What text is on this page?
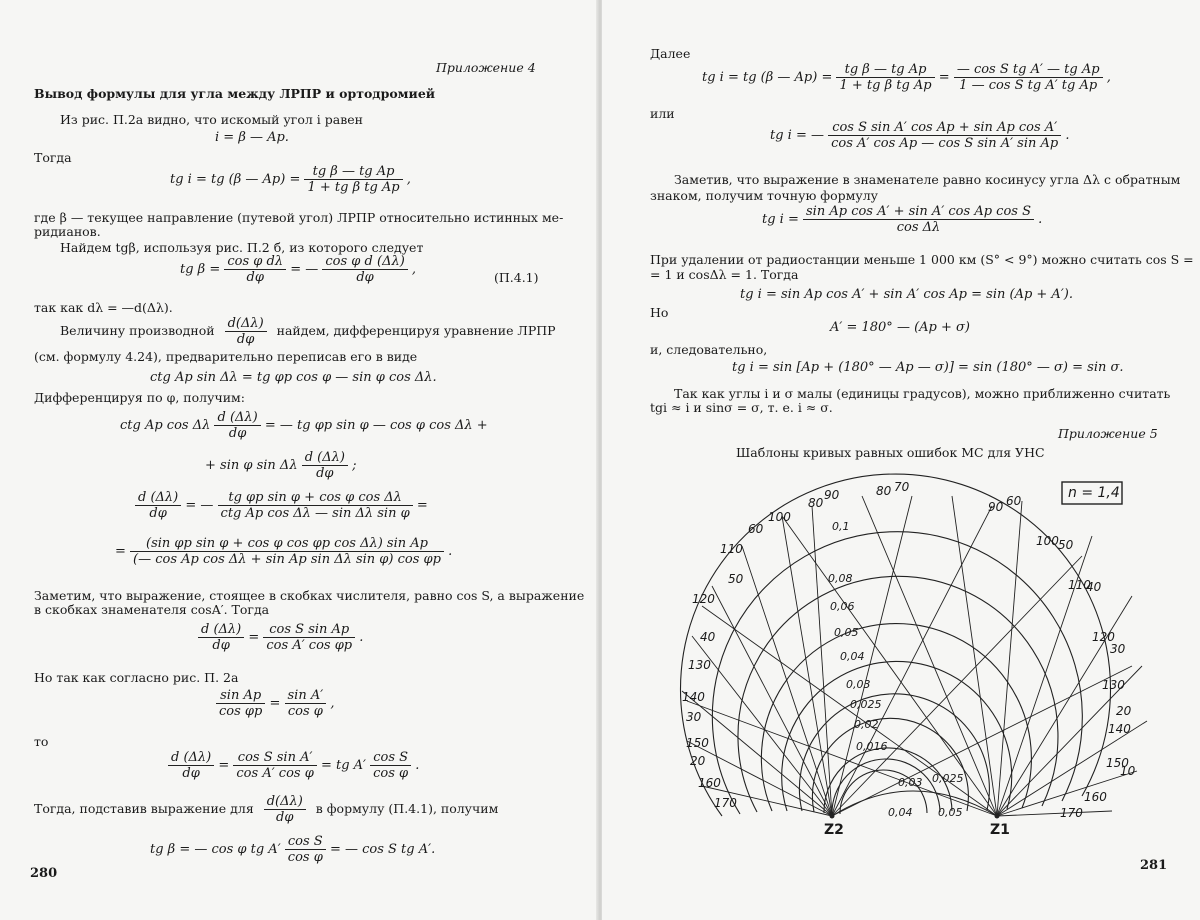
Приложение 4
Вывод формулы для угла между ЛРПР и ортодромией
Из рис. П.2а видно, что искомый угол i равен
i = β — Ap.
Тогда
tg i = tg (β — $Ap) = \frac{\text{tg β — tg Ap}}{\text{1 + tg β tg Ap}}$ ,
где β — текущее направление (путевой угол) ЛРПР относительно истинных ме-
ридианов.
Найдем tgβ, используя рис. П.2 б, из которого следует
tg $\beta = \frac{\text{cos φ dλ}}{d\varphi}$ = — $\frac{\text{cos φ d (Δλ)}}{d\varphi}$ ,
(П.4.1)
так как dλ = —d(Δλ).
Величину производной $\frac{d(\Delta\lambda)}{d\varphi}$ найдем, дифференцируя уравнение ЛРПР
(см. формулу 4.24), предварительно переписав его в виде
ctg Ap sin Δλ = tg φp cos φ — sin φ cos Δλ.
Дифференцируя по φ, получим:
ctg Ap cos Δλ $\frac{d (\Delta\lambda)}{d\varphi}$ = — tg φp sin φ — cos φ cos Δλ +
+ sin φ sin Δλ $\frac{d (\Delta\lambda)}{d\varphi}$ ;
$\frac{d (\Delta\lambda)}{d\varphi}$ = — $\frac{\text{tg φp sin φ + cos φ cos Δλ}}{\text{ctg Ap cos Δλ — sin Δλ sin φ}}$ =
= $\frac{\text{(sin φp sin φ + cos φ cos φp cos Δλ) sin Ap}}{\text{(— cos Ap cos Δλ + sin Ap sin Δλ sin φ) cos φp}}$ .
Заметим, что выражение, стоящее в скобках числителя, равно cos S, а выражение
в скобках знаменателя cosA′. Тогда
$\frac{d (\Delta\lambda)}{d\varphi} = \frac{\text{cos S sin Ap}}{\text{cos A′ cos φp}}$ .
Но так как согласно рис. П. 2а
$\frac{\text{sin Ap}}{\text{cos φp}} = \frac{\text{sin A′}}{\text{cos φ}}$ ,
то
$\frac{d (\Delta\lambda)}{d\varphi} = \frac{\text{cos S sin A′}}{\text{cos A′ cos φ}}$ = tg $A' \frac{\text{cos S}}{\text{cos φ}}$ .
Тогда, подставив выражение для $\frac{d(\Delta\lambda)}{d\varphi}$ в формулу (П.4.1), получим
tg β = — cos φ tg $A' \frac{\text{cos S}}{\text{cos φ}}$ = — cos S tg A′.
280
Далее
tg i = tg (β — $Ap) = \frac{\text{tg β — tg Ap}}{\text{1 + tg β tg Ap}} = \frac{\text{— cos S tg A′ — tg Ap}}{\text{1 — cos S tg A′ tg Ap}}$ ,
или
tg i = — $\frac{\text{cos S sin A′ cos Ap + sin Ap cos A′}}{\text{cos A′ cos Ap — cos S sin A′ sin Ap}}$ .
Заметив, что выражение в знаменателе равно косинусу угла Δλ с обратным
знаком, получим точную формулу
tg $i = \frac{\text{sin Ap cos A′ + sin A′ cos Ap cos S}}{\text{cos Δλ}}$ .
При удалении от радиостанции меньше 1 000 км (S° < 9°) можно считать cos S =
= 1 и cosΔλ = 1. Тогда
tg i = sin Ap cos A′ + sin A′ cos Ap = sin (Ap + A′).
Но
A′ = 180° — (Ap + σ)
и, следовательно,
tg i = sin [Ap + (180° — Ap — σ)] = sin (180° — σ) = sin σ.
Так как углы i и σ малы (единицы градусов), можно приближенно считать
tgi ≈ i и sinσ = σ, т. е. i ≈ σ.
Приложение 5
Шаблоны кривых равных ошибок МС для УНС
n = 1,4
Z2	Z1
0,1
0,08
0,06
0,05
0,04
0,03
0,025
0,02
0,016
0,03 0,025
0,04 0,05
90
100
110
120
130
140
150
160
170
80
60
50
40
30
20
80
90
100
110
120
130
140
150
160
170
70
60
50
40
30
20
10
281
